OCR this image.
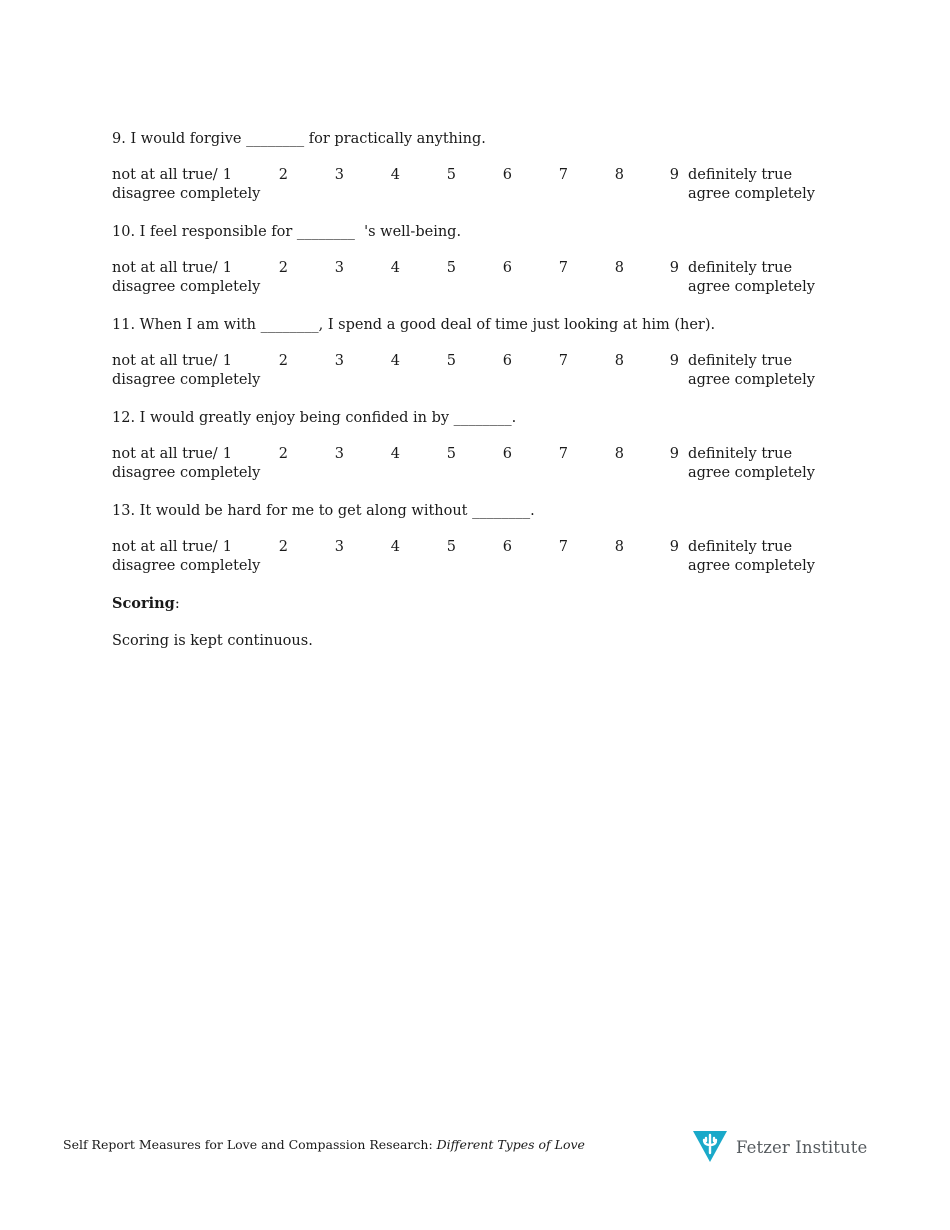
9. I would forgive ________ for practically anything.
not at all true/
disagree completely
1	2	3	4	5	6	7	8	9 definitely true
agree completely
10. I feel responsible for ________  's well-being.
not at all true/
disagree completely
1	2	3	4	5	6	7	8	9 definitely true
agree completely
11. When I am with ________, I spend a good deal of time just looking at him (her).
not at all true/
disagree completely
1	2	3	4	5	6	7	8	9 definitely true
agree completely
12. I would greatly enjoy being confided in by ________.
not at all true/
disagree completely
1	2	3	4	5	6	7	8	9 definitely true
agree completely
13. It would be hard for me to get along without ________.
not at all true/
disagree completely
1	2	3	4	5	6	7	8	9 definitely true
agree completely
Scoring:
Scoring is kept continuous.
Self Report Measures for Love and Compassion Research: Different Types of Love	Fetzer Institute
